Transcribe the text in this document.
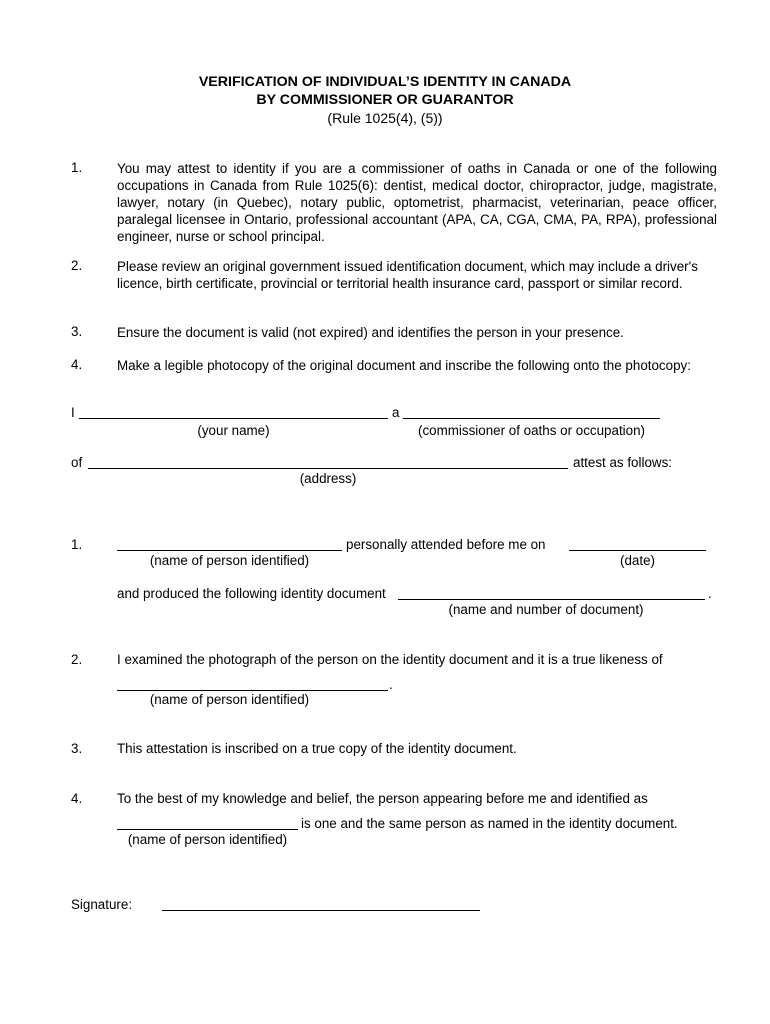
VERIFICATION OF INDIVIDUAL’S IDENTITY IN CANADA
BY COMMISSIONER OR GUARANTOR
(Rule 1025(4), (5))
1.	You may attest to identity if you are a commissioner of oaths in Canada or one of the following occupations in Canada from Rule 1025(6): dentist, medical doctor, chiropractor, judge, magistrate, lawyer, notary (in Quebec), notary public, optometrist, pharmacist, veterinarian, peace officer, paralegal licensee in Ontario, professional accountant (APA, CA, CGA, CMA, PA, RPA), professional engineer, nurse or school principal.
2.	Please review an original government issued identification document, which may include a driver's licence, birth certificate, provincial or territorial health insurance card, passport or similar record.
3.	Ensure the document is valid (not expired) and identifies the person in your presence.
4.	Make a legible photocopy of the original document and inscribe the following onto the photocopy:
I	a
(your name)	(commissioner of oaths or occupation)
of	attest as follows:
(address)
1.	personally attended before me on
(name of person identified)	(date)
and produced the following identity document	.
(name and number of document)
2.	I examined the photograph of the person on the identity document and it is a true likeness of
.
(name of person identified)
3.	This attestation is inscribed on a true copy of the identity document.
4.	To the best of my knowledge and belief, the person appearing before me and identified as
is one and the same person as named in the identity document.
(name of person identified)
Signature:
